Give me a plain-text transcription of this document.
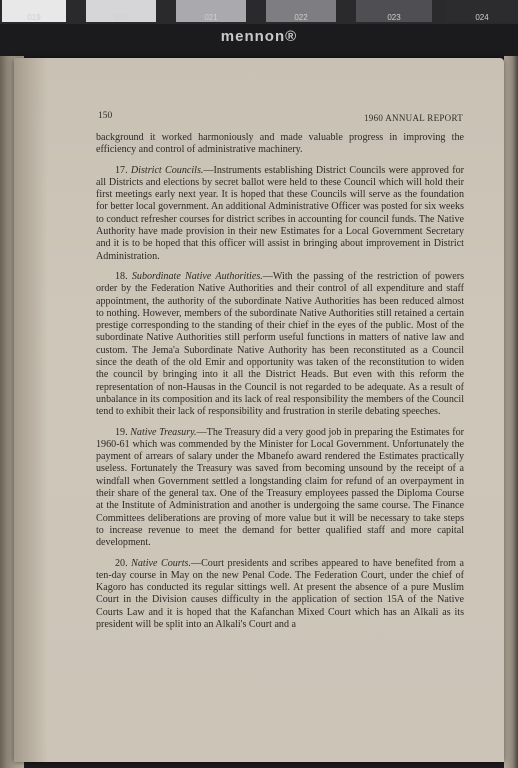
019	020	021	022	023	024
mennon®
150	1960 ANNUAL REPORT

background it worked harmoniously and made valuable progress in improving the efficiency and control of administrative machinery.

17. District Councils.—Instruments establishing District Councils were approved for all Districts and elections by secret ballot were held to these Council which will hold their first meetings early next year. It is hoped that these Councils will serve as the foundation for better local government. An additional Administrative Officer was posted for six weeks to conduct refresher courses for district scribes in accounting for council funds. The Native Authority have made provision in their new Estimates for a Local Government Secretary and it is to be hoped that this officer will assist in bringing about improvement in District Administration.

18. Subordinate Native Authorities.—With the passing of the restriction of powers order by the Federation Native Authorities and their control of all expenditure and staff appointment, the authority of the subordinate Native Authorities has been reduced almost to nothing. However, members of the subordinate Native Authorities still retained a certain prestige corresponding to the standing of their chief in the eyes of the public. Most of the subordinate Native Authorities still perform useful functions in matters of native law and custom. The Jema'a Subordinate Native Authority has been reconstituted as a Council since the death of the old Emir and opportunity was taken of the reconstitution to widen the council by bringing into it all the District Heads. But even with this reform the representation of non-Hausas in the Council is not regarded to be adequate. As a result of unbalance in its composition and its lack of real responsibility the members of the Council tend to exhibit their lack of responsibility and frustration in sterile debating speeches.

19. Native Treasury.—The Treasury did a very good job in preparing the Estimates for 1960-61 which was commended by the Minister for Local Government. Unfortunately the payment of arrears of salary under the Mbanefo award rendered the Estimates practically useless. Fortunately the Treasury was saved from becoming unsound by the receipt of a windfall when Government settled a longstanding claim for refund of an overpayment in their share of the general tax. One of the Treasury employees passed the Diploma Course at the Institute of Administration and another is undergoing the same course. The Finance Committees deliberations are proving of more value but it will be necessary to take steps to increase revenue to meet the demand for better qualified staff and more capital development.

20. Native Courts.—Court presidents and scribes appeared to have benefited from a ten-day course in May on the new Penal Code. The Federation Court, under the chief of Kagoro has conducted its regular sittings well. At present the absence of a pure Muslim Court in the Division causes difficulty in the application of section 15A of the Native Courts Law and it is hoped that the Kafanchan Mixed Court which has an Alkali as its president will be split into an Alkali's Court and a
